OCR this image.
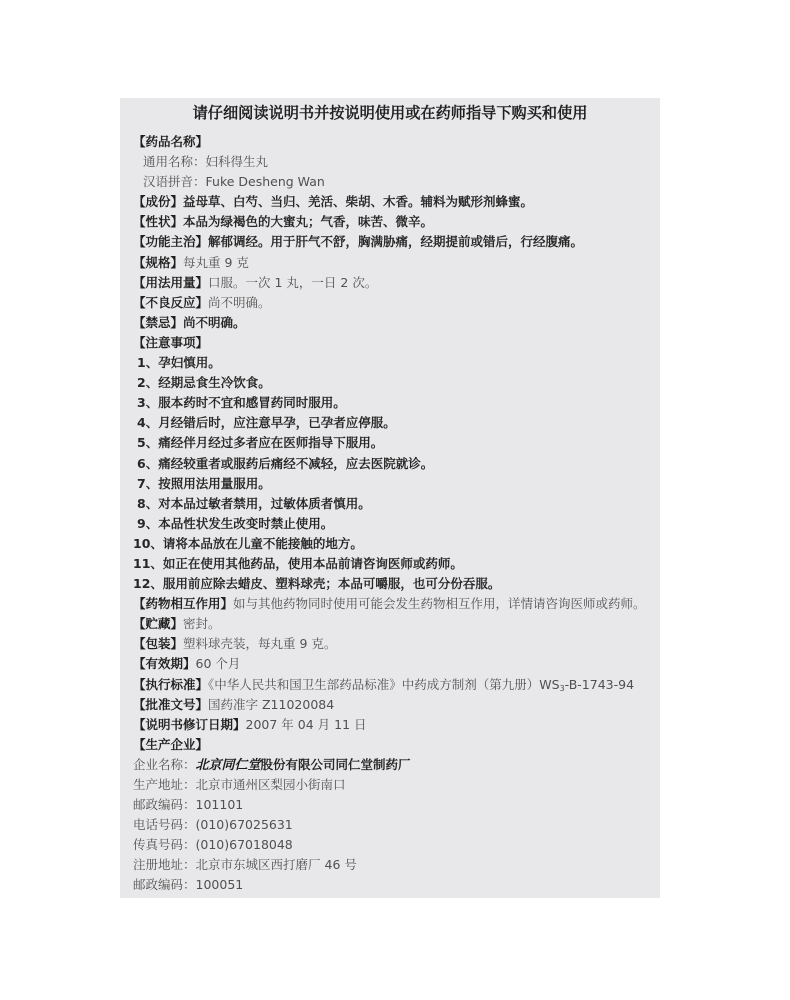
请仔细阅读说明书并按说明使用或在药师指导下购买和使用
【药品名称】
通用名称：妇科得生丸
汉语拼音：Fuke Desheng Wan
【成份】益母草、白芍、当归、羌活、柴胡、木香。辅料为赋形剂蜂蜜。
【性状】本品为绿褐色的大蜜丸；气香，味苦、微辛。
【功能主治】解郁调经。用于肝气不舒，胸满胁痛，经期提前或错后，行经腹痛。
【规格】每丸重 9 克
【用法用量】口服。一次 1 丸，一日 2 次。
【不良反应】尚不明确。
【禁忌】尚不明确。
【注意事项】
1、孕妇慎用。
2、经期忌食生冷饮食。
3、服本药时不宜和感冒药同时服用。
4、月经错后时，应注意早孕，已孕者应停服。
5、痛经伴月经过多者应在医师指导下服用。
6、痛经较重者或服药后痛经不减轻，应去医院就诊。
7、按照用法用量服用。
8、对本品过敏者禁用，过敏体质者慎用。
9、本品性状发生改变时禁止使用。
10、请将本品放在儿童不能接触的地方。
11、如正在使用其他药品，使用本品前请咨询医师或药师。
12、服用前应除去蜡皮、塑料球壳；本品可嚼服，也可分份吞服。
【药物相互作用】如与其他药物同时使用可能会发生药物相互作用，详情请咨询医师或药师。
【贮藏】密封。
【包装】塑料球壳装，每丸重 9 克。
【有效期】60 个月
【执行标准】《中华人民共和国卫生部药品标准》中药成方制剂（第九册）$WS_3-B-1743-94$
【批准文号】国药准字 Z11020084
【说明书修订日期】2007 年 04 月 11 日
【生产企业】
企业名称：北京同仁堂股份有限公司同仁堂制药厂
生产地址：北京市通州区梨园小街南口
邮政编码：101101
电话号码：(010)67025631
传真号码：(010)67018048
注册地址：北京市东城区西打磨厂 46 号
邮政编码：100051
